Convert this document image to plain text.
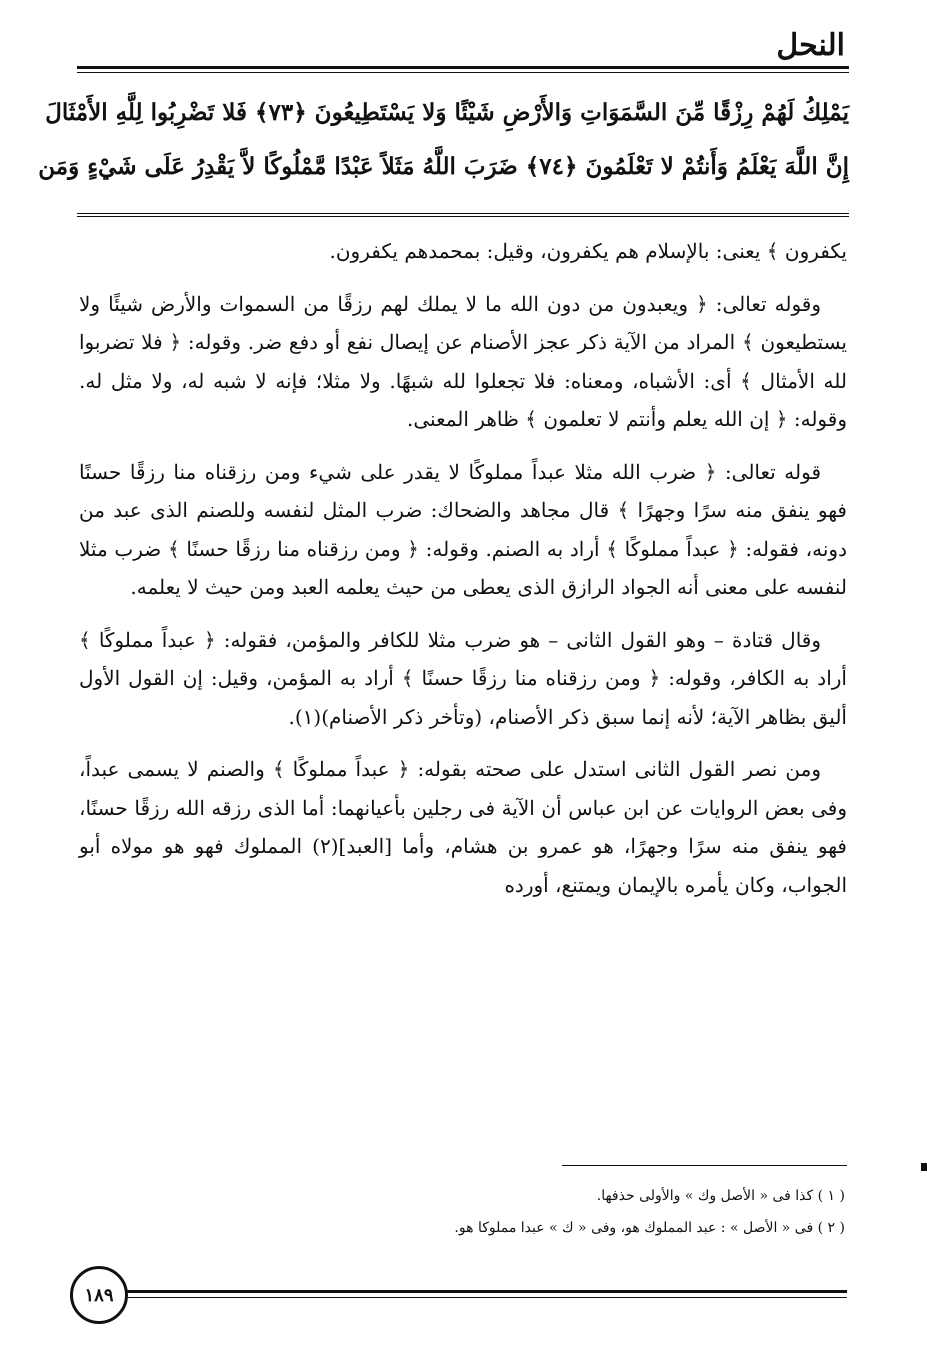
النحل
يَمْلِكُ لَهُمْ رِزْقًا مِّنَ السَّمَوَاتِ وَالأَرْضِ شَيْئًا وَلا يَسْتَطِيعُونَ ﴿٧٣﴾ فَلا تَضْرِبُوا لِلَّهِ الأَمْثَالَ
إِنَّ اللَّهَ يَعْلَمُ وَأَنتُمْ لا تَعْلَمُونَ ﴿٧٤﴾ ضَرَبَ اللَّهُ مَثَلاً عَبْدًا مَّمْلُوكًا لاَّ يَقْدِرُ عَلَى شَيْءٍ وَمَن

يكفرون ﴾ يعنى: بالإسلام هم يكفرون، وقيل: بمحمدهم يكفرون.

وقوله تعالى: ﴿ ويعبدون من دون الله ما لا يملك لهم رزقًا من السموات والأرض شيئًا ولا يستطيعون ﴾ المراد من الآية ذكر عجز الأصنام عن إيصال نفع أو دفع ضر. وقوله: ﴿ فلا تضربوا لله الأمثال ﴾ أى: الأشباه، ومعناه: فلا تجعلوا لله شبهًا. ولا مثلا؛ فإنه لا شبه له، ولا مثل له. وقوله: ﴿ إن الله يعلم وأنتم لا تعلمون ﴾ ظاهر المعنى.

قوله تعالى: ﴿ ضرب الله مثلا عبداً مملوكًا لا يقدر على شيء ومن رزقناه منا رزقًا حسنًا فهو ينفق منه سرًا وجهرًا ﴾ قال مجاهد والضحاك: ضرب المثل لنفسه وللصنم الذى عبد من دونه، فقوله: ﴿ عبداً مملوكًا ﴾ أراد به الصنم. وقوله: ﴿ ومن رزقناه منا رزقًا حسنًا ﴾ ضرب مثلا لنفسه على معنى أنه الجواد الرازق الذى يعطى من حيث يعلمه العبد ومن حيث لا يعلمه.

وقال قتادة – وهو القول الثانى – هو ضرب مثلا للكافر والمؤمن، فقوله: ﴿ عبداً مملوكًا ﴾ أراد به الكافر، وقوله: ﴿ ومن رزقناه منا رزقًا حسنًا ﴾ أراد به المؤمن، وقيل: إن القول الأول أليق بظاهر الآية؛ لأنه إنما سبق ذكر الأصنام، (وتأخر ذكر الأصنام)(١).

ومن نصر القول الثانى استدل على صحته بقوله: ﴿ عبداً مملوكًا ﴾ والصنم لا يسمى عبداً، وفى بعض الروايات عن ابن عباس أن الآية فى رجلين بأعيانهما: أما الذى رزقه الله رزقًا حسنًا، فهو ينفق منه سرًا وجهرًا، هو عمرو بن هشام، وأما [العبد](٢) المملوك فهو هو مولاه أبو الجواب، وكان يأمره بالإيمان ويمتنع، أورده

( ١ ) كذا فى « الأصل وك » والأولى حذفها.
( ٢ ) فى « الأصل » : عبد المملوك هو، وفى « ك » عبدا مملوكا هو.
١٨٩
